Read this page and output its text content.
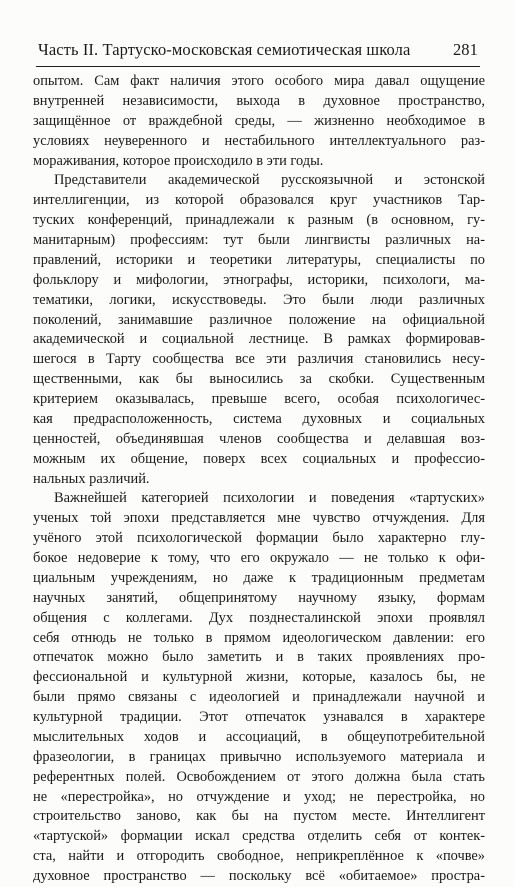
Часть II. Тартуско-московская семиотическая школа	281
опытом. Сам факт наличия этого особого мира давал ощущение
внутренней независимости, выхода в духовное пространство,
защищённое от враждебной среды, — жизненно необходимое в
условиях неуверенного и нестабильного интеллектуального раз-
мораживания, которое происходило в эти годы.
Представители академической русскоязычной и эстонской
интеллигенции, из которой образовался круг участников Тар-
туских конференций, принадлежали к разным (в основном, гу-
манитарным) профессиям: тут были лингвисты различных на-
правлений, историки и теоретики литературы, специалисты по
фольклору и мифологии, этнографы, историки, психологи, ма-
тематики, логики, искусствоведы. Это были люди различных
поколений, занимавшие различное положение на официальной
академической и социальной лестнице. В рамках формировав-
шегося в Тарту сообщества все эти различия становились несу-
щественными, как бы выносились за скобки. Существенным
критерием оказывалась, превыше всего, особая психологичес-
кая предрасположенность, система духовных и социальных
ценностей, объединявшая членов сообщества и делавшая воз-
можным их общение, поверх всех социальных и профессио-
нальных различий.
Важнейшей категорией психологии и поведения «тартуских»
ученых той эпохи представляется мне чувство отчуждения. Для
учёного этой психологической формации было характерно глу-
бокое недоверие к тому, что его окружало — не только к офи-
циальным учреждениям, но даже к традиционным предметам
научных занятий, общепринятому научному языку, формам
общения с коллегами. Дух позднесталинской эпохи проявлял
себя отнюдь не только в прямом идеологическом давлении: его
отпечаток можно было заметить и в таких проявлениях про-
фессиональной и культурной жизни, которые, казалось бы, не
были прямо связаны с идеологией и принадлежали научной и
культурной традиции. Этот отпечаток узнавался в характере
мыслительных ходов и ассоциаций, в общеупотребительной
фразеологии, в границах привычно используемого материала и
референтных полей. Освобождением от этого должна была стать
не «перестройка», но отчуждение и уход; не перестройка, но
строительство заново, как бы на пустом месте. Интеллигент
«тартуской» формации искал средства отделить себя от контек-
ста, найти и отгородить свободное, неприкреплённое к «почве»
духовное пространство — поскольку всё «обитаемое» простра-
